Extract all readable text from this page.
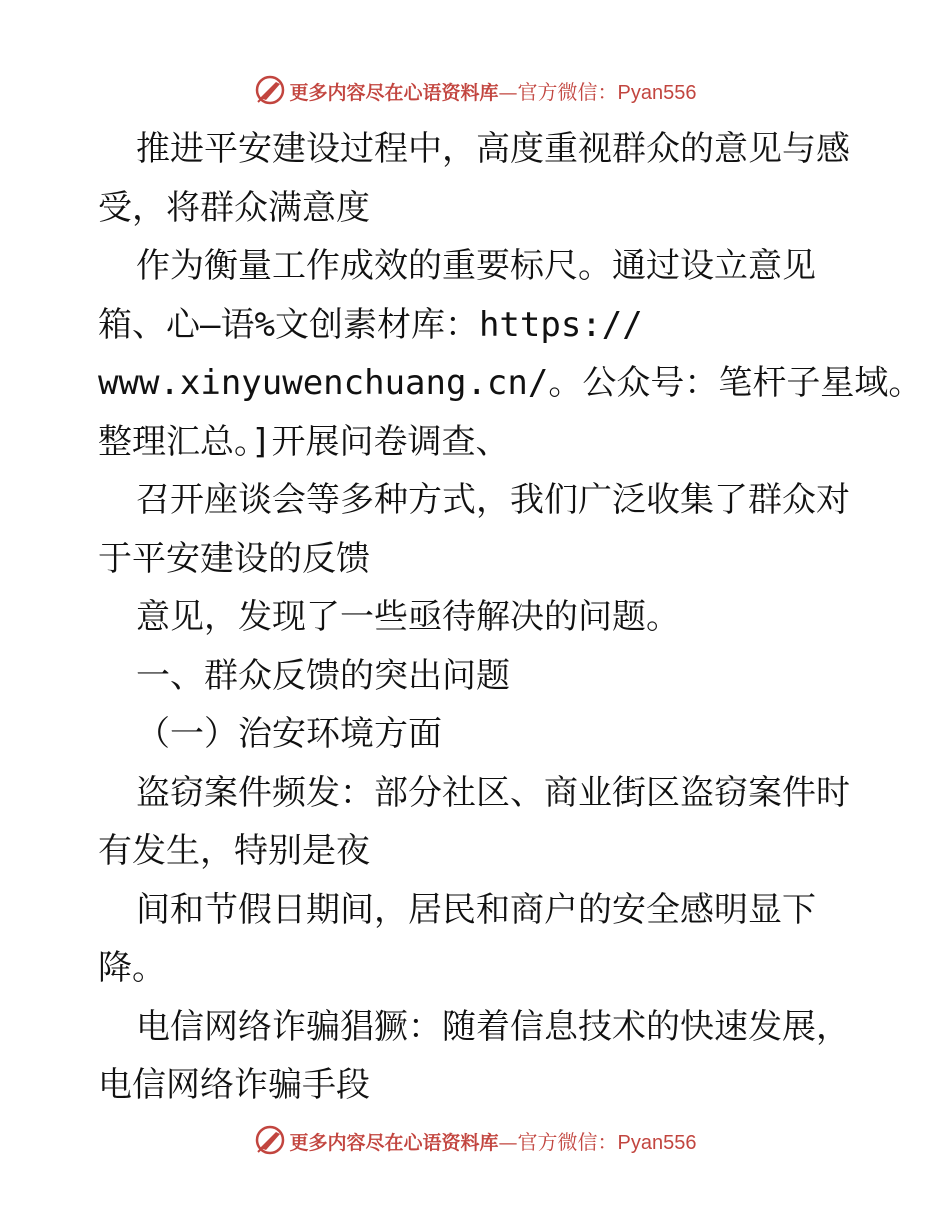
更多内容尽在心语资料库—官方微信：Pyan556
推进平安建设过程中，高度重视群众的意见与感
受，将群众满意度
作为衡量工作成效的重要标尺。通过设立意见
箱、心—语%文创素材库：https://
www.xinyuwenchuang.cn/。公众号：笔杆子星域。
整理汇总。]开展问卷调查、
召开座谈会等多种方式，我们广泛收集了群众对
于平安建设的反馈
意见，发现了一些亟待解决的问题。
一、群众反馈的突出问题
（一）治安环境方面
盗窃案件频发：部分社区、商业街区盗窃案件时
有发生，特别是夜
间和节假日期间，居民和商户的安全感明显下
降。
电信网络诈骗猖獗：随着信息技术的快速发展，
电信网络诈骗手段
更多内容尽在心语资料库—官方微信：Pyan556
